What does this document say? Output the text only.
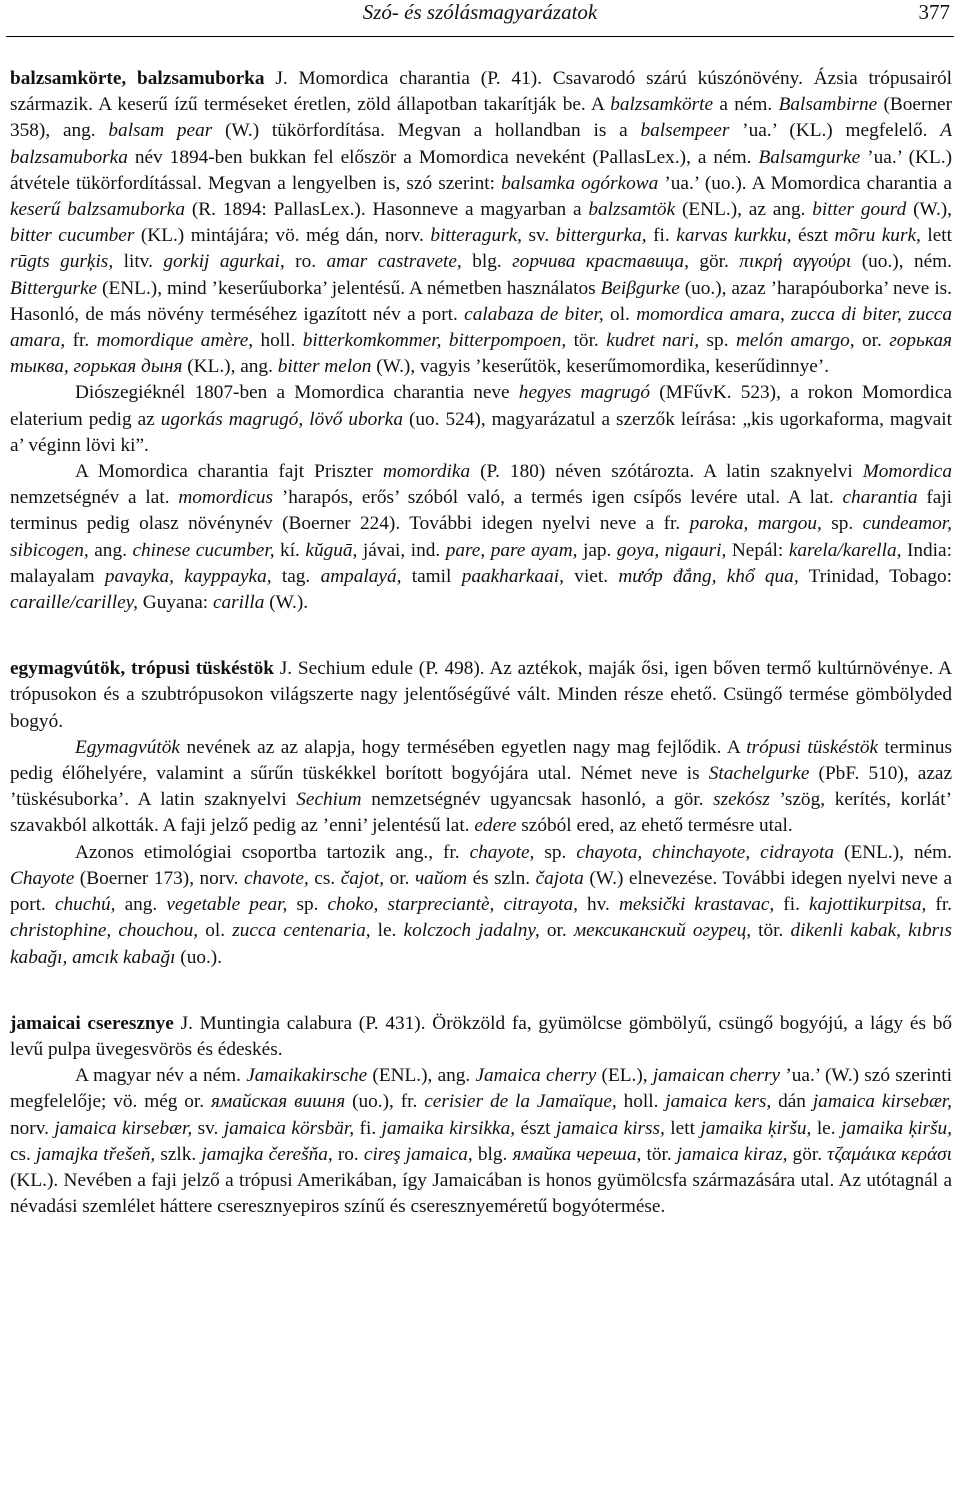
Szó- és szólásmagyarázatok	377

balzsamkörte, balzsamuborka J. Momordica charantia (P. 41). Csavarodó szárú kúszónövény. Ázsia trópusairól származik. A keserű ízű terméseket éretlen, zöld állapotban takarítják be. A balzsamkörte a ném. Balsambirne (Boerner 358), ang. balsam pear (W.) tükörfordítása. Megvan a hollandban is a balsempeer ’ua.’ (KL.) megfelelő. A balzsamuborka név 1894-ben bukkan fel először a Momordica neveként (PallasLex.), a ném. Balsamgurke ’ua.’ (KL.) átvétele tükörfordítással. Megvan a lengyelben is, szó szerint: balsamka ogórkowa ’ua.’ (uo.). A Momordica charantia a keserű balzsamuborka (R. 1894: PallasLex.). Hasonneve a magyarban a balzsamtök (ENL.), az ang. bitter gourd (W.), bitter cucumber (KL.) mintájára; vö. még dán, norv. bitteragurk, sv. bittergurka, fi. karvas kurkku, észt mõru kurk, lett rūgts gurķis, litv. gorkij agurkai, ro. amar castravete, blg. горчива краставица, gör. πικρή αγγούρι (uo.), ném. Bittergurke (ENL.), mind ’keserűuborka’ jelentésű. A németben használatos Beiβgurke (uo.), azaz ’harapóuborka’ neve is. Hasonló, de más növény terméséhez igazított név a port. calabaza de biter, ol. momordica amara, zucca di biter, zucca amara, fr. momordique amère, holl. bitterkomkommer, bitterpompoen, tör. kudret nari, sp. melón amargo, or. горькая тыква, горькая дыня (KL.), ang. bitter melon (W.), vagyis ’keserűtök, keserűmomordika, keserűdinnye’.

Diószegiéknél 1807-ben a Momordica charantia neve hegyes magrugó (MFűvK. 523), a rokon Momordica elaterium pedig az ugorkás magrugó, lövő uborka (uo. 524), magyarázatul a szerzők leírása: „kis ugorkaforma, magvait a’ véginn lövi ki”.

A Momordica charantia fajt Priszter momordika (P. 180) néven szótározta. A latin szaknyelvi Momordica nemzetségnév a lat. momordicus ’harapós, erős’ szóból való, a termés igen csípős levére utal. A lat. charantia faji terminus pedig olasz növénynév (Boerner 224). További idegen nyelvi neve a fr. paroka, margou, sp. cundeamor, sibicogen, ang. chinese cucumber, kí. kŭguā, jávai, ind. pare, pare ayam, jap. goya, nigauri, Nepál: karela/karella, India: malayalam pavayka, kayppayka, tag. ampalayá, tamil paakharkaai, viet. mướp đắng, khổ qua, Trinidad, Tobago: caraille/carilley, Guyana: carilla (W.).

egymagvútök, trópusi tüskéstök J. Sechium edule (P. 498). Az aztékok, maják ősi, igen bőven termő kultúrnövénye. A trópusokon és a szubtrópusokon világszerte nagy jelentőségűvé vált. Minden része ehető. Csüngő termése gömbölyded bogyó.

Egymagvútök nevének az az alapja, hogy termésében egyetlen nagy mag fejlődik. A trópusi tüskéstök terminus pedig élőhelyére, valamint a sűrűn tüskékkel borított bogyójára utal. Német neve is Stachelgurke (PbF. 510), azaz ’tüskésuborka’. A latin szaknyelvi Sechium nemzetségnév ugyancsak hasonló, a gör. szekósz ’szög, kerítés, korlát’ szavakból alkották. A faji jelző pedig az ’enni’ jelentésű lat. edere szóból ered, az ehető termésre utal.

Azonos etimológiai csoportba tartozik ang., fr. chayote, sp. chayota, chinchayote, cidrayota (ENL.), ném. Chayote (Boerner 173), norv. chavote, cs. čajot, or. чайот és szln. čajota (W.) elnevezése. További idegen nyelvi neve a port. chuchú, ang. vegetable pear, sp. choko, starpreciantè, citrayota, hv. meksički krastavac, fi. kajottikurpitsa, fr. christophine, chouchou, ol. zucca centenaria, le. kolczoch jadalny, or. мексиканский огурец, tör. dikenli kabak, kıbrıs kabağı, amcık kabağı (uo.).

jamaicai cseresznye J. Muntingia calabura (P. 431). Örökzöld fa, gyümölcse gömbölyű, csüngő bogyójú, a lágy és bő levű pulpa üvegesvörös és édeskés.

A magyar név a ném. Jamaikakirsche (ENL.), ang. Jamaica cherry (EL.), jamaican cherry ’ua.’ (W.) szó szerinti megfelelője; vö. még or. ямайская вишня (uo.), fr. cerisier de la Jamaïque, holl. jamaica kers, dán jamaica kirsebær, norv. jamaica kirsebær, sv. jamaica körsbär, fi. jamaika kirsikka, észt jamaica kirss, lett jamaika ķiršu, le. jamaika ķiršu, cs. jamajka třešeň, szlk. jamajka čerešňa, ro. cireş jamaica, blg. ямайка череша, tör. jamaica kiraz, gör. τζαμάικα κεράσι (KL.). Nevében a faji jelző a trópusi Amerikában, így Jamaicában is honos gyümölcsfa származására utal. Az utótagnál a névadási szemlélet háttere cseresznyepiros színű és cseresznyeméretű bogyótermése.
